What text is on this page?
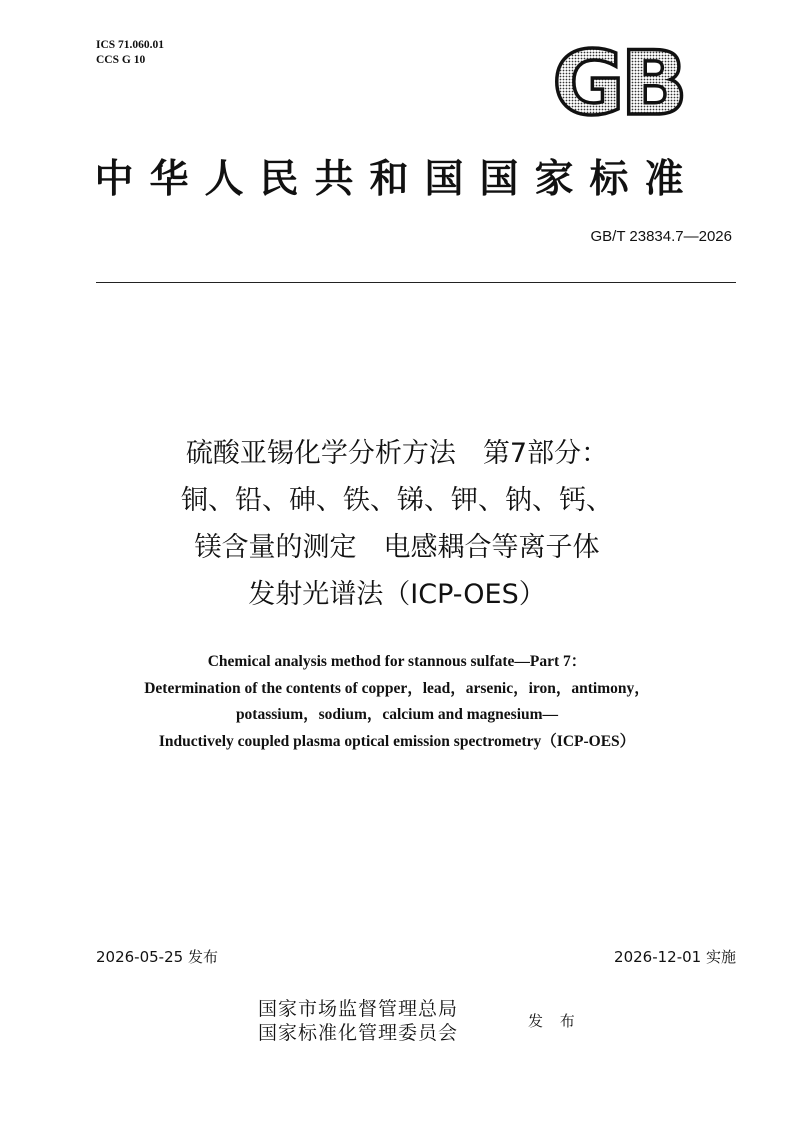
ICS 71.060.01
CCS G 10	GB
中华人民共和国国家标准
GB/T 23834.7—2026
硫酸亚锡化学分析方法　第7部分：
铜、铅、砷、铁、锑、钾、钠、钙、
镁含量的测定　电感耦合等离子体
发射光谱法（ICP-OES）
Chemical analysis method for stannous sulfate—Part 7：
Determination of the contents of copper，lead，arsenic，iron，antimony，
potassium，sodium，calcium and magnesium—
Inductively coupled plasma optical emission spectrometry（ICP-OES）
2026-05-25 发布	2026-12-01 实施
国家市场监督管理总局
国家标准化管理委员会
发 布
